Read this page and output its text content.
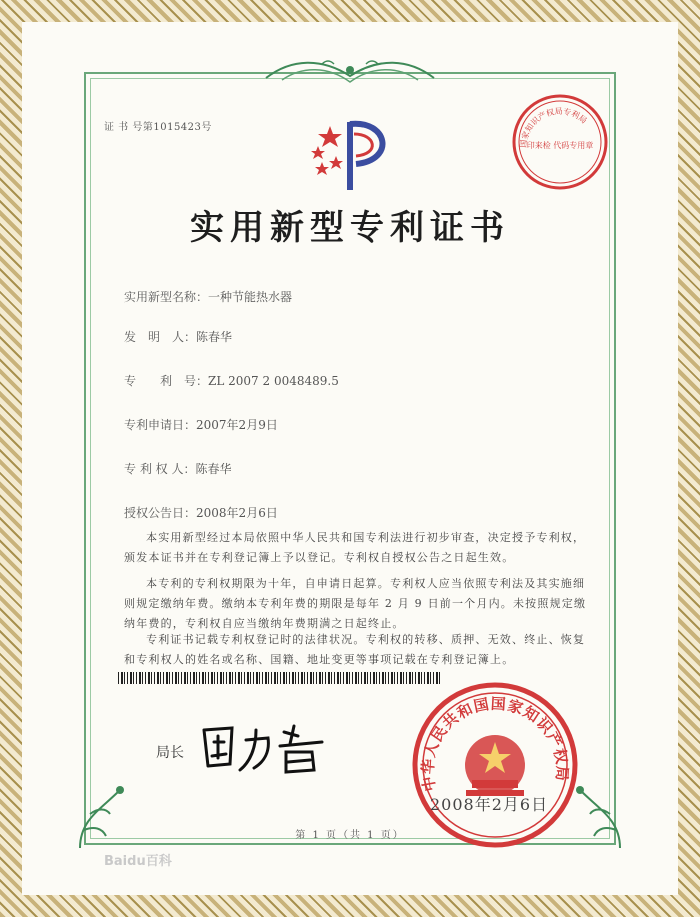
证 书 号第1015423号
国家知识产权局专利局
印来检 代码专用章
实用新型专利证书
实用新型名称：一种节能热水器
发　明　人：陈春华
专　　利　号：ZL 2007 2 0048489.5
专利申请日：2007年2月9日
专 利 权 人：陈春华
授权公告日：2008年2月6日
本实用新型经过本局依照中华人民共和国专利法进行初步审查，决定授予专利权，颁发本证书并在专利登记簿上予以登记。专利权自授权公告之日起生效。
本专利的专利权期限为十年，自申请日起算。专利权人应当依照专利法及其实施细则规定缴纳年费。缴纳本专利年费的期限是每年 2 月 9 日前一个月内。未按照规定缴纳年费的，专利权自应当缴纳年费期满之日起终止。
专利证书记载专利权登记时的法律状况。专利权的转移、质押、无效、终止、恢复和专利权人的姓名或名称、国籍、地址变更等事项记载在专利登记簿上。
局长
中华人民共和国国家知识产权局
2008年2月6日
第 1 页（共 1 页）
Baidu百科
